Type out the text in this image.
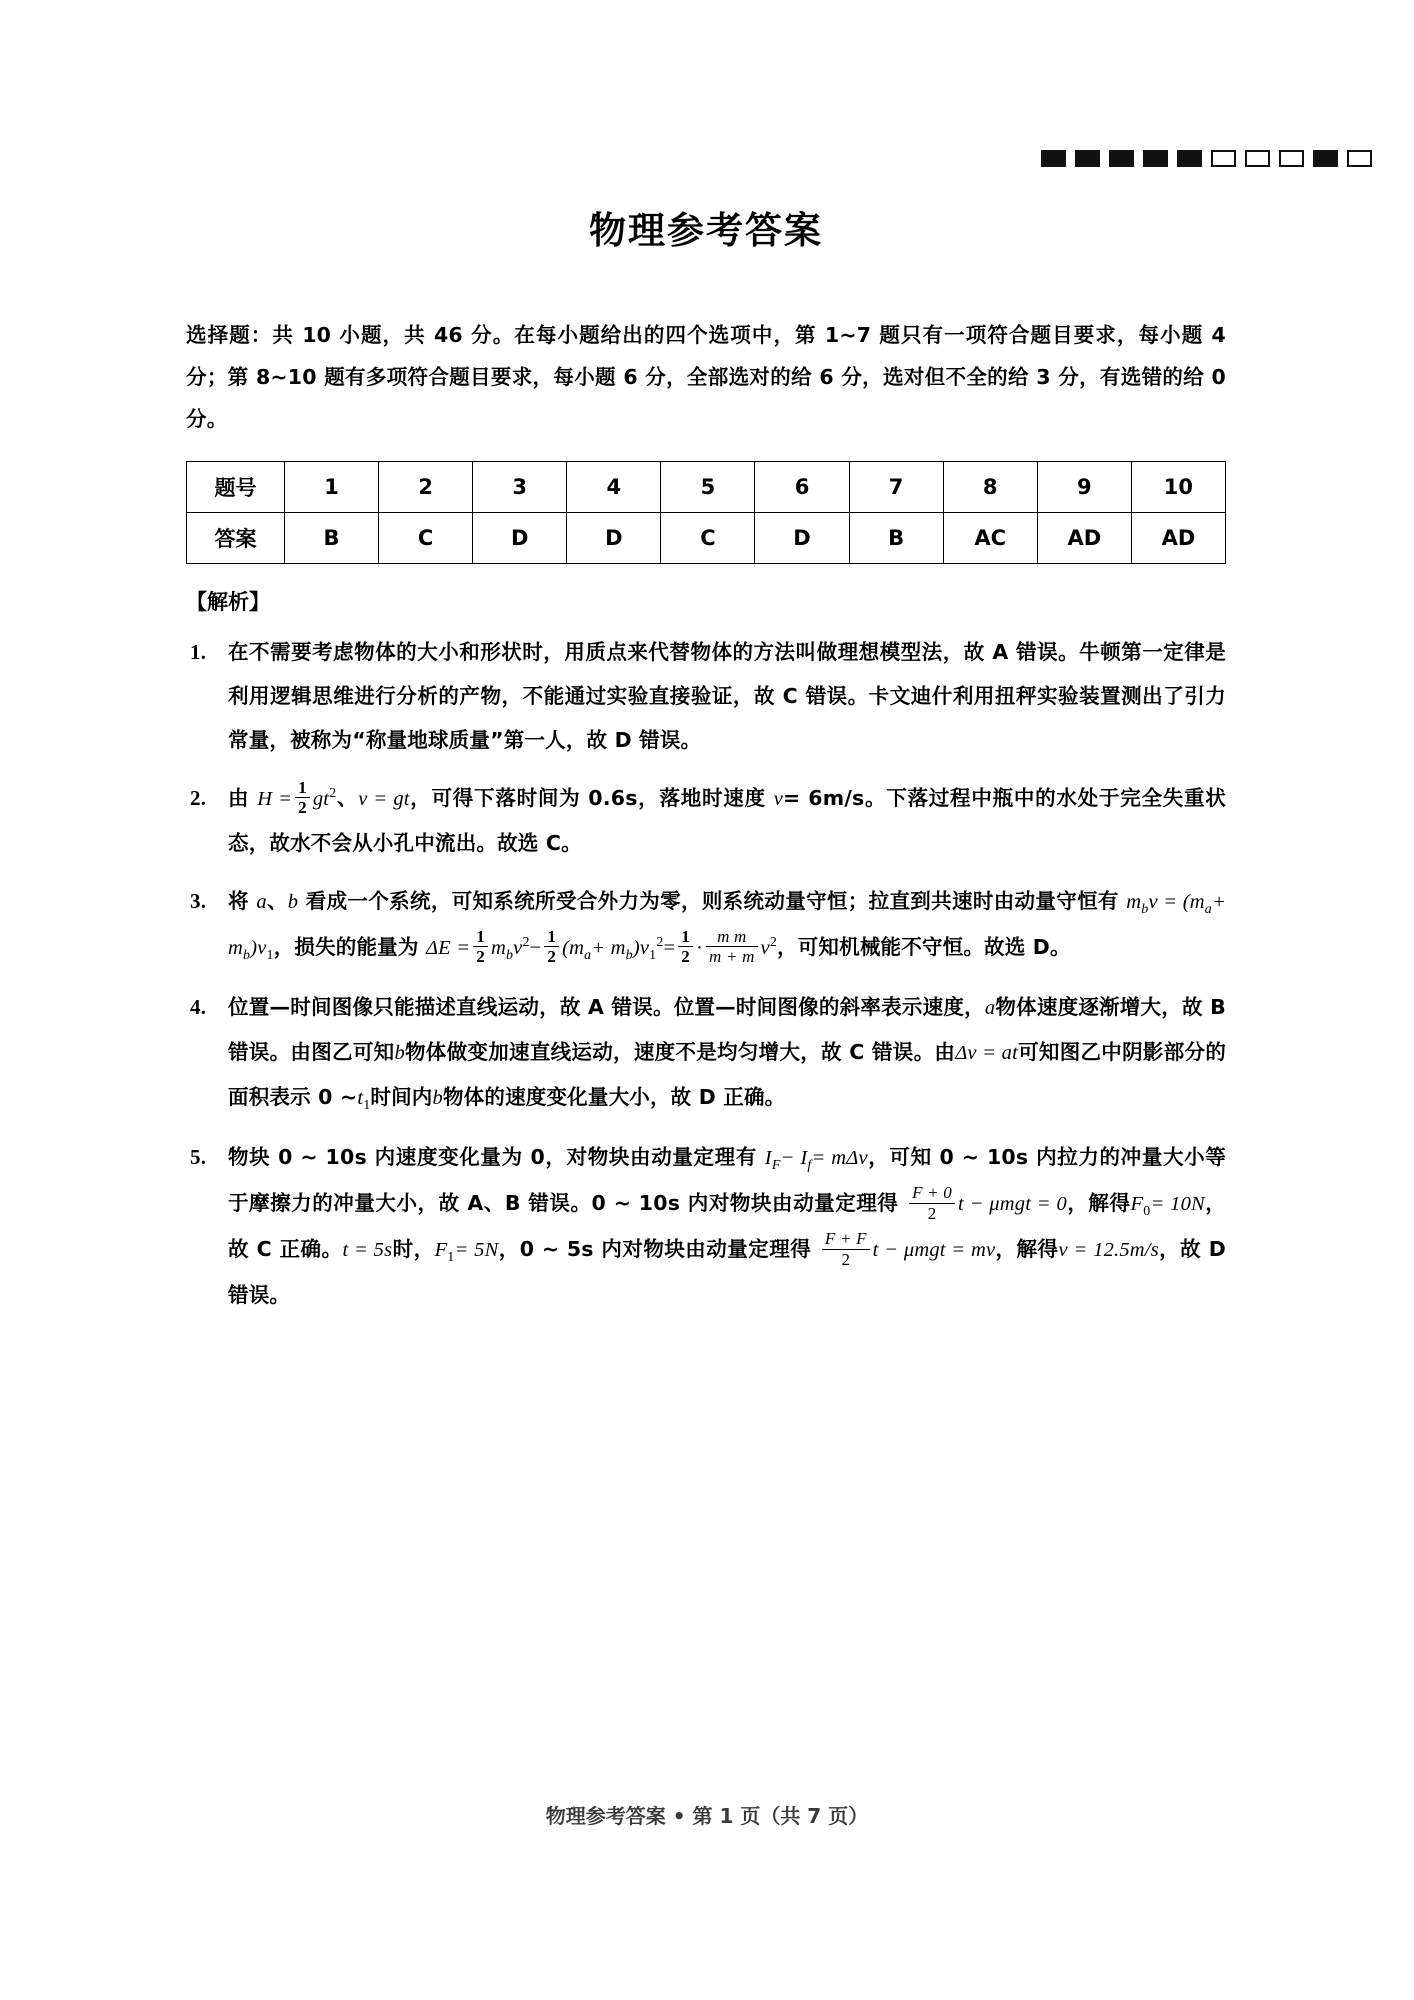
物理参考答案

选择题：共 10 小题，共 46 分。在每小题给出的四个选项中，第 1~7 题只有一项符合题目要求，每小题 4 分；第 8~10 题有多项符合题目要求，每小题 6 分，全部选对的给 6 分，选对但不全的给 3 分，有选错的给 0 分。

题号	1	2	3	4	5	6	7	8	9	10
答案	B	C	D	D	C	D	B	AC	AD	AD
【解析】
1.	在不需要考虑物体的大小和形状时，用质点来代替物体的方法叫做理想模型法，故 A 错误。牛顿第一定律是利用逻辑思维进行分析的产物，不能通过实验直接验证，故 C 错误。卡文迪什利用扭秤实验装置测出了引力常量，被称为“称量地球质量”第一人，故 D 错误。
2.	由 $H = \frac{1}{2} gt^2$、v = gt，可得下落时间为 0.6s，落地时速度 v= 6m/s。下落过程中瓶中的水处于完全失重状态，故水不会从小孔中流出。故选 C。
3.	将 a、b 看成一个系统，可知系统所受合外力为零，则系统动量守恒；拉直到共速时由动量守恒有 $m_bv = (m_a+ m_b)v_1$，损失的能量为 $\Delta E = \frac{1}{2} m_bv^2- \frac{1}{2} (m_a+ m_b)v_1^2= \frac{1}{2} \cdot \frac{\text{m m}}{m + m} v^2$，可知机械能不守恒。故选 D。
4.	位置—时间图像只能描述直线运动，故 A 错误。位置—时间图像的斜率表示速度，a物体速度逐渐增大，故 B 错误。由图乙可知b物体做变加速直线运动，速度不是均匀增大，故 C 错误。由Δv = at可知图乙中阴影部分的面积表示 0 $\sim t_1$时间内b物体的速度变化量大小，故 D 正确。
5.	物块 0 ~ 10s 内速度变化量为 0，对物块由动量定理有 $I_F- I_f= m\Delta v$，可知 0 ~ 10s 内拉力的冲量大小等于摩擦力的冲量大小，故 A、B 错误。0 ~ 10s 内对物块由动量定理得 $\frac{F + 0}{2}$ t − μmgt = 0，解得$F_0= 10N$，故 C 正确。t = 5s时，$F_1= 5N$，0 ~ 5s 内对物块由动量定理得 $\frac{F + F}{2}$ t − μmgt = mv，解得v = 12.5m/s，故 D 错误。
物理参考答案 • 第 1 页（共 7 页）
